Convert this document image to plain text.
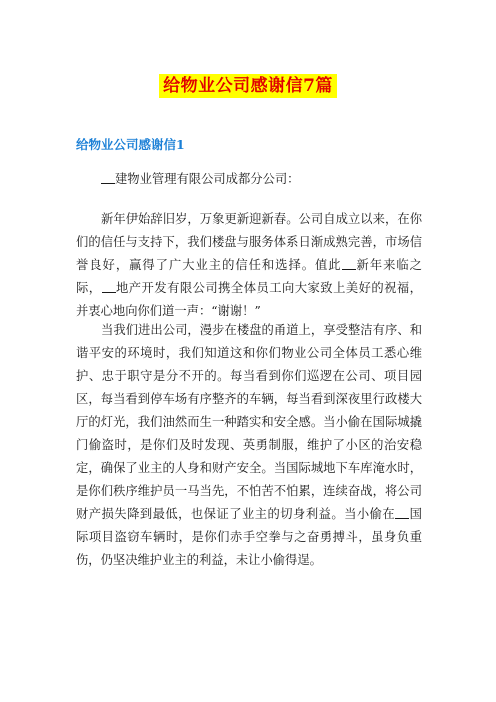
给物业公司感谢信7篇
给物业公司感谢信1

建物业管理有限公司成都分公司：

新年伊始辞旧岁，万象更新迎新春。公司自成立以来，在你们的信任与支持下，我们楼盘与服务体系日渐成熟完善，市场信誉良好，赢得了广大业主的信任和选择。值此 新年来临之际， 地产开发有限公司携全体员工向大家致上美好的祝福，并衷心地向你们道一声：“谢谢！”

当我们进出公司，漫步在楼盘的甬道上，享受整洁有序、和谐平安的环境时，我们知道这和你们物业公司全体员工悉心维护、忠于职守是分不开的。每当看到你们巡逻在公司、项目园区，每当看到停车场有序整齐的车辆，每当看到深夜里行政楼大厅的灯光，我们油然而生一种踏实和安全感。当小偷在国际城撬门偷盗时，是你们及时发现、英勇制服，维护了小区的治安稳定，确保了业主的人身和财产安全。当国际城地下车库淹水时，是你们秩序维护员一马当先，不怕苦不怕累，连续奋战，将公司财产损失降到最低，也保证了业主的切身利益。当小偷在 国际项目盗窃车辆时，是你们赤手空拳与之奋勇搏斗，虽身负重伤，仍坚决维护业主的利益，未让小偷得逞。
